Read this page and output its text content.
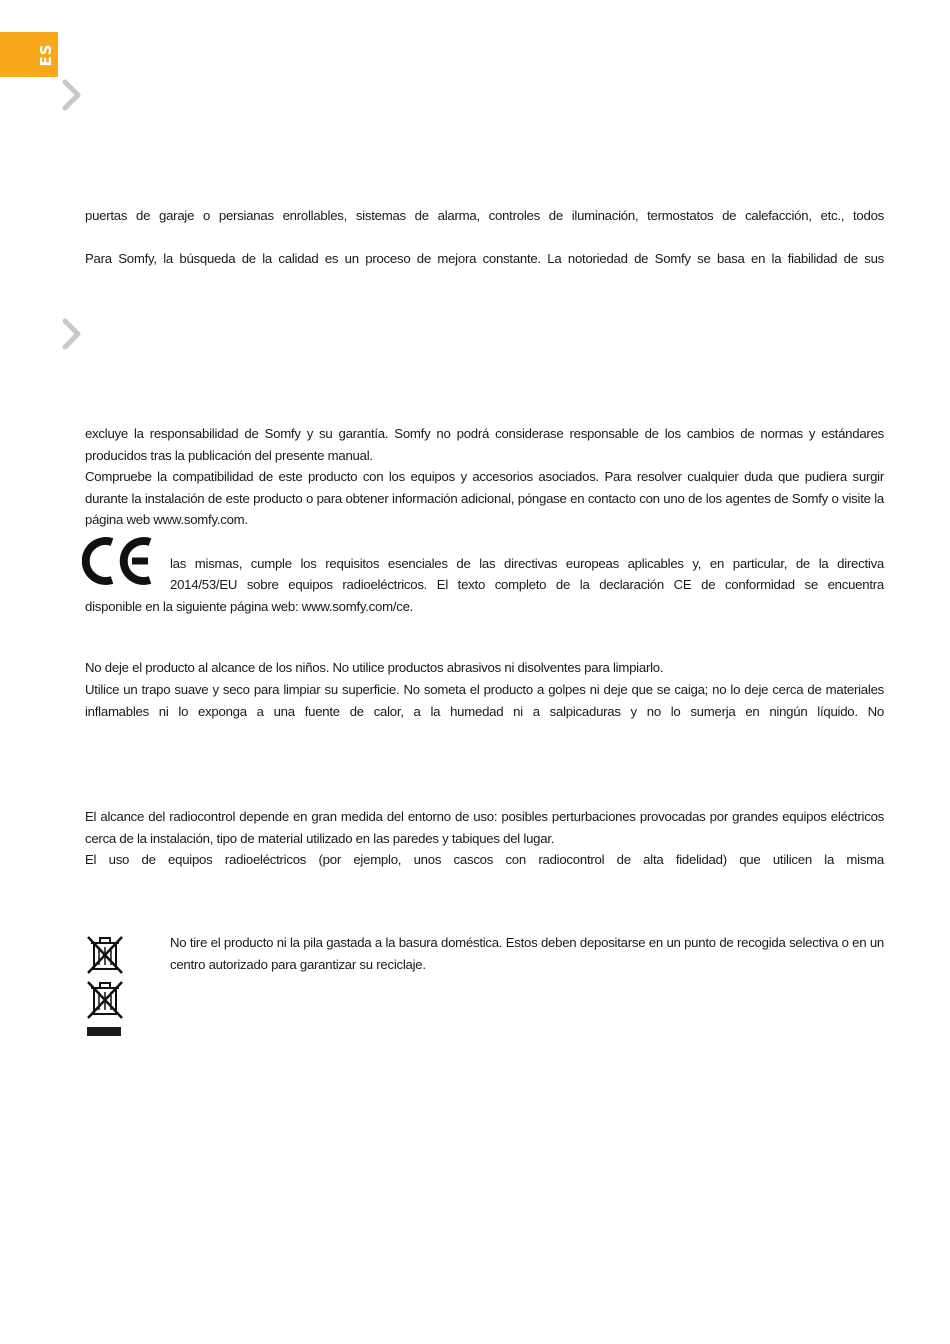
ES

puertas de garaje o persianas enrollables, sistemas de alarma, controles de iluminación, termostatos de calefacción, etc., todos

Para Somfy, la búsqueda de la calidad es un proceso de mejora constante. La notoriedad de Somfy se basa en la fiabilidad de sus

excluye la responsabilidad de Somfy y su garantía. Somfy no podrá considerase responsable de los cambios de normas y estándares producidos tras la publicación del presente manual.

Compruebe la compatibilidad de este producto con los equipos y accesorios asociados. Para resolver cualquier duda que pudiera surgir durante la instalación de este producto o para obtener información adicional, póngase en contacto con uno de los agentes de Somfy o visite la página web www.somfy.com.

las mismas, cumple los requisitos esenciales de las directivas europeas aplicables y, en particular, de la directiva

2014/53/EU sobre equipos radioeléctricos. El texto completo de la declaración CE de conformidad se encuentra

disponible en la siguiente página web: www.somfy.com/ce.

No deje el producto al alcance de los niños. No utilice productos abrasivos ni disolventes para limpiarlo.

Utilice un trapo suave y seco para limpiar su superficie. No someta el producto a golpes ni deje que se caiga; no lo deje cerca de materiales inflamables ni lo exponga a una fuente de calor, a la humedad ni a salpicaduras y no lo sumerja en ningún líquido. No

El alcance del radiocontrol depende en gran medida del entorno de uso: posibles perturbaciones provocadas por grandes equipos eléctricos cerca de la instalación, tipo de material utilizado en las paredes y tabiques del lugar.

El uso de equipos radioeléctricos (por ejemplo, unos cascos con radiocontrol de alta fidelidad) que utilicen la misma

No tire el producto ni la pila gastada a la basura doméstica. Estos deben depositarse en un punto de recogida selectiva o en un centro autorizado para garantizar su reciclaje.
